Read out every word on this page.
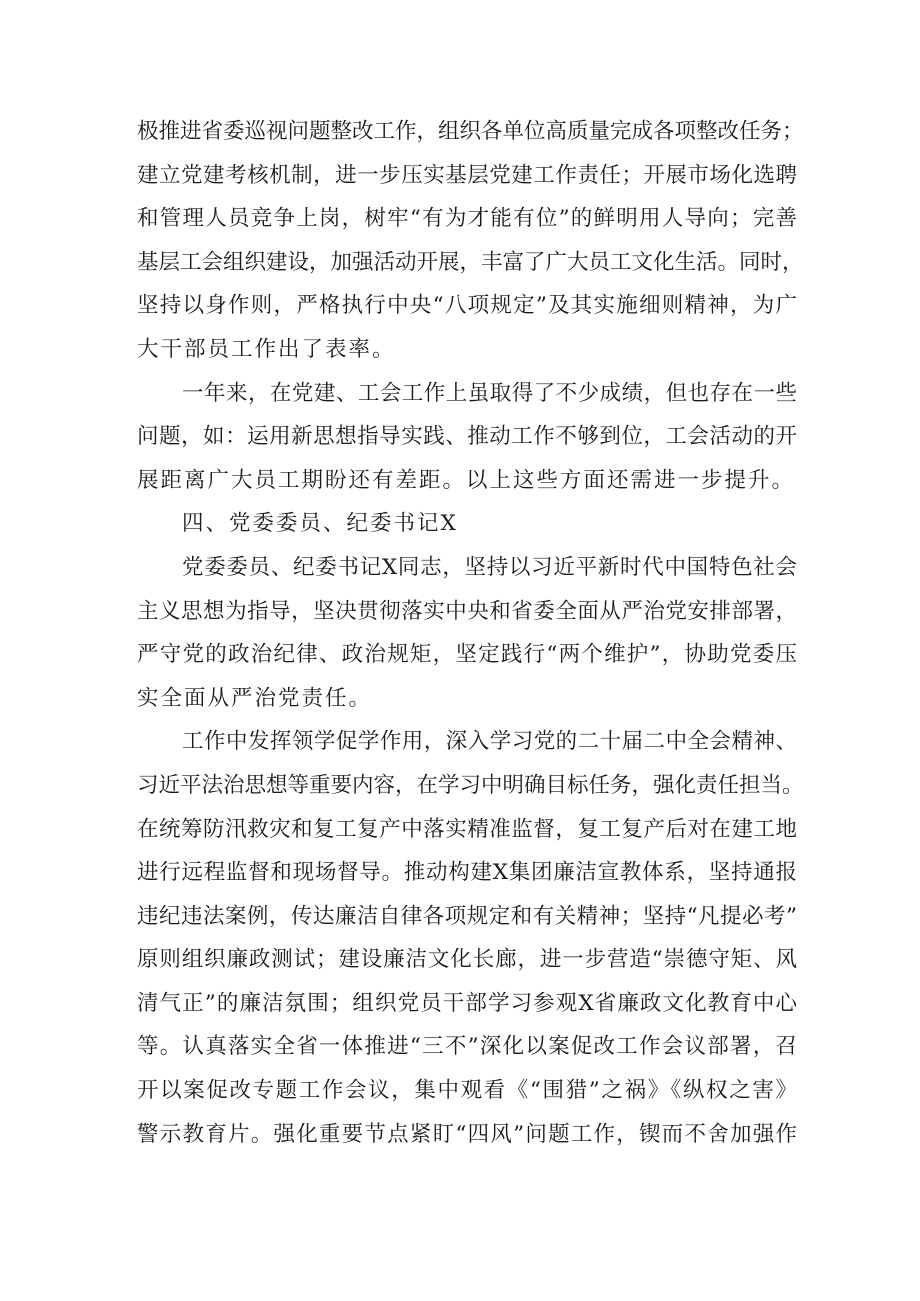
极推进省委巡视问题整改工作，组织各单位高质量完成各项整改任务；
建立党建考核机制，进一步压实基层党建工作责任；开展市场化选聘
和管理人员竞争上岗，树牢“有为才能有位”的鲜明用人导向；完善
基层工会组织建设，加强活动开展，丰富了广大员工文化生活。同时，
坚持以身作则，严格执行中央“八项规定”及其实施细则精神，为广
大干部员工作出了表率。
一年来，在党建、工会工作上虽取得了不少成绩，但也存在一些
问题，如：运用新思想指导实践、推动工作不够到位，工会活动的开
展距离广大员工期盼还有差距。以上这些方面还需进一步提升。
四、党委委员、纪委书记X
党委委员、纪委书记X同志，坚持以习近平新时代中国特色社会
主义思想为指导，坚决贯彻落实中央和省委全面从严治党安排部署，
严守党的政治纪律、政治规矩，坚定践行“两个维护”，协助党委压
实全面从严治党责任。
工作中发挥领学促学作用，深入学习党的二十届二中全会精神、
习近平法治思想等重要内容，在学习中明确目标任务，强化责任担当。
在统筹防汛救灾和复工复产中落实精准监督，复工复产后对在建工地
进行远程监督和现场督导。推动构建X集团廉洁宣教体系，坚持通报
违纪违法案例，传达廉洁自律各项规定和有关精神；坚持“凡提必考”
原则组织廉政测试；建设廉洁文化长廊，进一步营造“崇德守矩、风
清气正”的廉洁氛围；组织党员干部学习参观X省廉政文化教育中心
等。认真落实全省一体推进“三不”深化以案促改工作会议部署，召
开以案促改专题工作会议，集中观看《“围猎”之祸》《纵权之害》
警示教育片。强化重要节点紧盯“四风”问题工作，锲而不舍加强作
